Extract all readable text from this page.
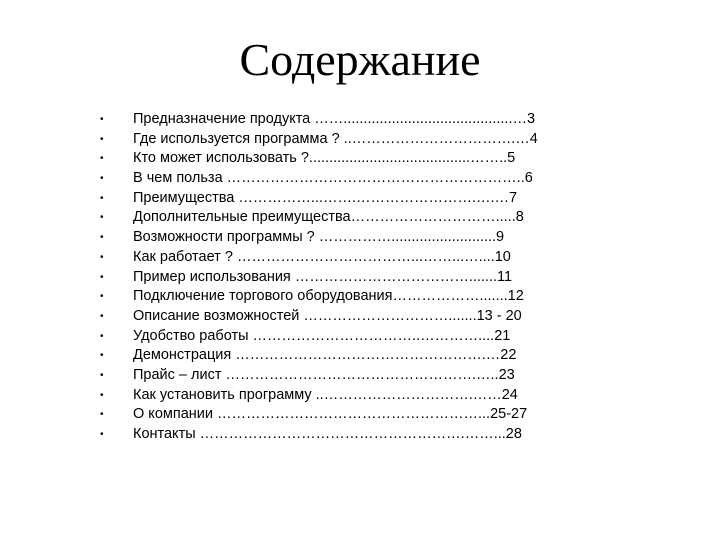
Содержание
•	Предназначение продукта ……..........................................…3
•	Где используется программа ? ..…………………………….…4
•	Кто может использовать ?........................................……..5
•	В чем польза ……………………………………………………..6
•	Преимущества ……………...…….…………………….….…7
•	Дополнительные преимущества………………………….....8
•	Возможности программы ? ……………..........................9
•	Как работает ? ………………………………...……...…....10
•	Пример использования ……………………………….......11
•	Подключение торгового оборудования……………….......12
•	Описание возможностей ………………………….......13 - 20
•	Удобство работы ……………………………..…………....21
•	Демонстрация …………………………………………….…22
•	Прайс – лист …………………………………………….…..23
•	Как установить программу ..………………………….……24
•	О компании ………………………………………………...25-27
•	Контакты ……………………………………………….……...28
